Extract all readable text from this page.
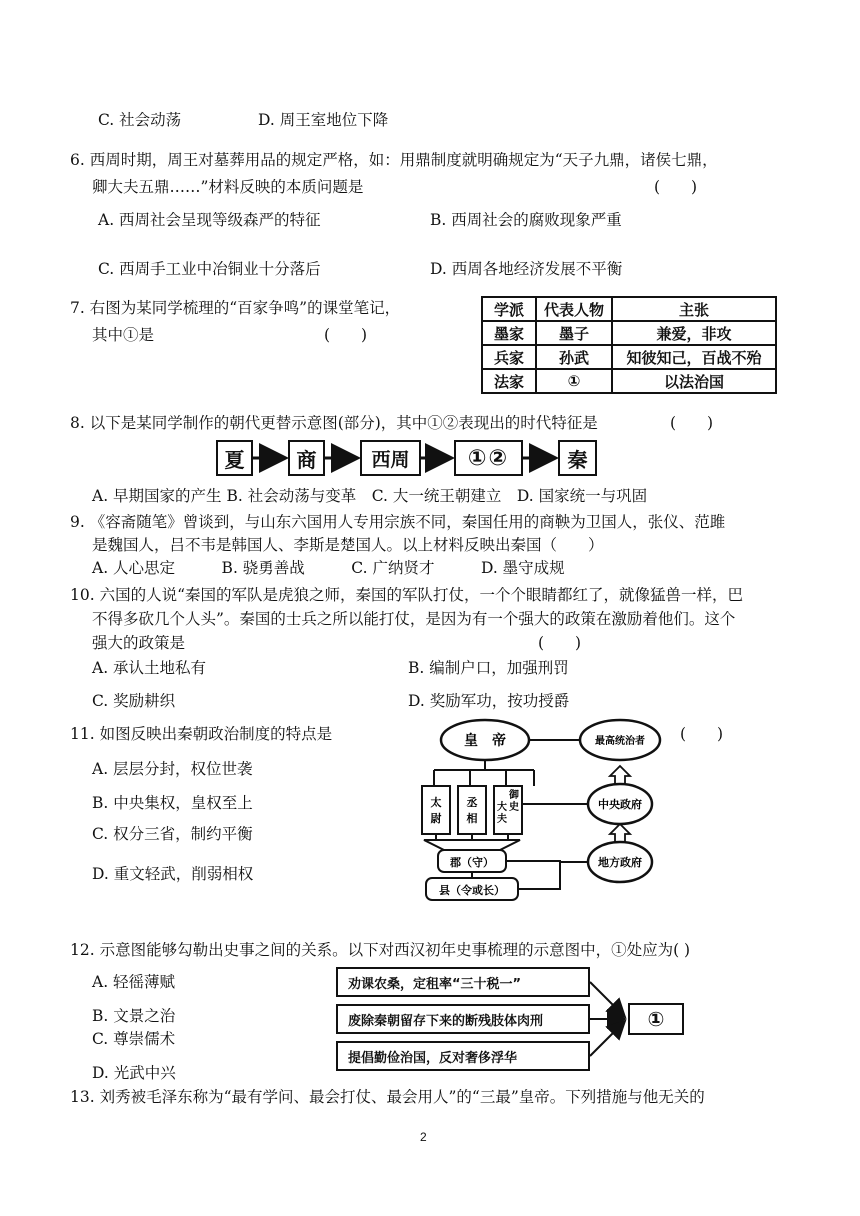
C. 社会动荡	D. 周王室地位下降
6. 西周时期，周王对墓葬用品的规定严格，如：用鼎制度就明确规定为“天子九鼎，诸侯七鼎，
卿大夫五鼎……”材料反映的本质问题是	(　　)
A. 西周社会呈现等级森严的特征	B. 西周社会的腐败现象严重
C. 西周手工业中冶铜业十分落后	D. 西周各地经济发展不平衡
7. 右图为某同学梳理的“百家争鸣”的课堂笔记，
其中①是	(　　)
学派	代表人物	主张
墨家	墨子	兼爱，非攻
兵家	孙武	知彼知己，百战不殆
法家	①	以法治国
8. 以下是某同学制作的朝代更替示意图(部分)，其中①②表现出的时代特征是	(　　)
夏	商	西周	①②	秦
A. 早期国家的产生 B. 社会动荡与变革　C. 大一统王朝建立　D. 国家统一与巩固
9. 《容斋随笔》曾谈到，与山东六国用人专用宗族不同，秦国任用的商鞅为卫国人，张仪、范雎
是魏国人，吕不韦是韩国人、李斯是楚国人。以上材料反映出秦国（　　）
A. 人心思定　　　B. 骁勇善战　　　C. 广纳贤才　　　D. 墨守成规
10. 六国的人说“秦国的军队是虎狼之师，秦国的军队打仗，一个个眼睛都红了，就像猛兽一样，巴
不得多砍几个人头”。秦国的士兵之所以能打仗，是因为有一个强大的政策在激励着他们。这个
强大的政策是	(　　)
A. 承认土地私有	B. 编制户口，加强刑罚
C. 奖励耕织	D. 奖励军功，按功授爵
11. 如图反映出秦朝政治制度的特点是	(　　)
A. 层层分封，权位世袭
B. 中央集权，皇权至上
C. 权分三省，制约平衡
D. 重文轻武，削弱相权
皇　帝
太尉
丞相
御史大夫
郡（守）
县（令或长）
最高统治者
中央政府
地方政府
12. 示意图能够勾勒出史事之间的关系。以下对西汉初年史事梳理的示意图中，①处应为( )
A. 轻徭薄赋
B. 文景之治
C. 尊崇儒术
D. 光武中兴
劝课农桑，定租率“三十税一”
废除秦朝留存下来的断残肢体肉刑
提倡勤俭治国，反对奢侈浮华
①
13. 刘秀被毛泽东称为“最有学问、最会打仗、最会用人”的“三最”皇帝。下列措施与他无关的
2
